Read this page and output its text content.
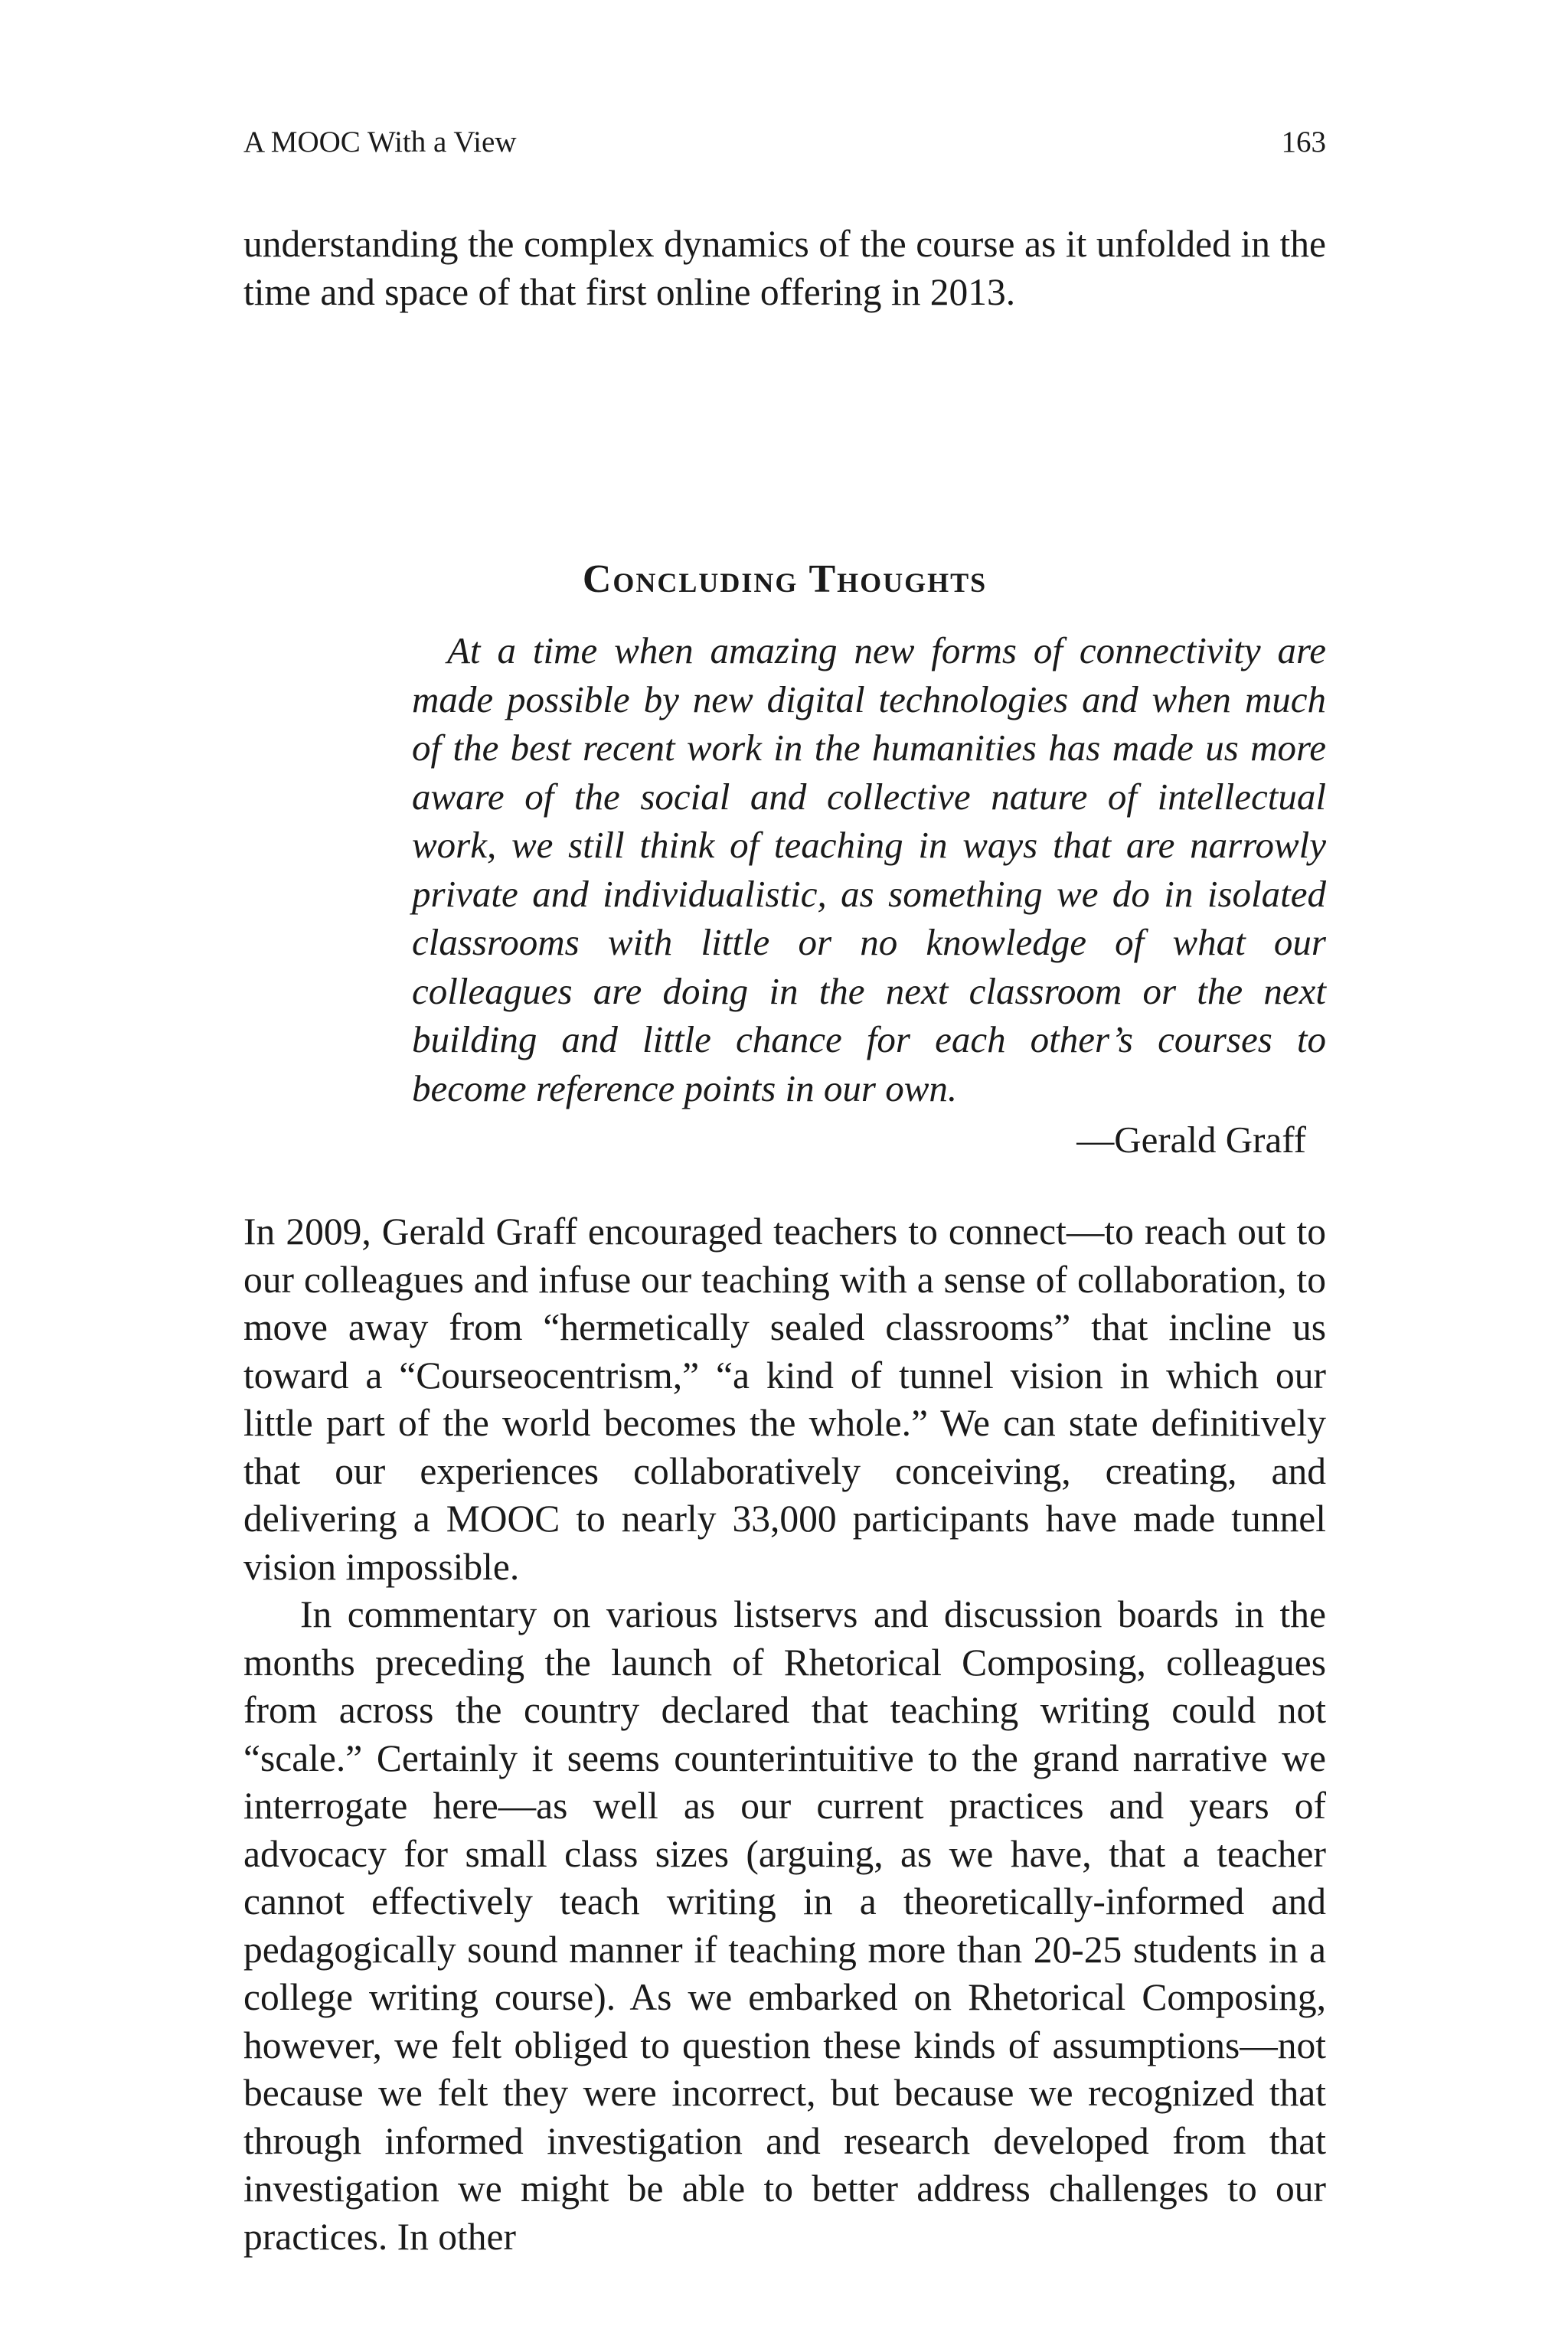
A MOOC With a View	163

understanding the complex dynamics of the course as it unfolded in the time and space of that first online offering in 2013.

Concluding Thoughts

At a time when amazing new forms of connectivity are made possible by new digital technologies and when much of the best recent work in the humanities has made us more aware of the social and collective nature of intellectual work, we still think of teaching in ways that are narrowly private and individualistic, as something we do in isolated classrooms with little or no knowledge of what our colleagues are doing in the next classroom or the next building and little chance for each other’s courses to become reference points in our own.

—Gerald Graff

In 2009, Gerald Graff encouraged teachers to connect—to reach out to our colleagues and infuse our teaching with a sense of collaboration, to move away from “hermetically sealed classrooms” that incline us toward a “Courseocentrism,” “a kind of tunnel vision in which our little part of the world becomes the whole.” We can state definitively that our experiences collaboratively conceiving, creating, and delivering a MOOC to nearly 33,000 participants have made tunnel vision impossible.

In commentary on various listservs and discussion boards in the months preceding the launch of Rhetorical Composing, colleagues from across the country declared that teaching writing could not “scale.” Certainly it seems counterintuitive to the grand narrative we interrogate here—as well as our current practices and years of advocacy for small class sizes (arguing, as we have, that a teacher cannot effectively teach writing in a theoretically-informed and pedagogically sound manner if teaching more than 20-25 students in a college writing course). As we embarked on Rhetorical Composing, however, we felt obliged to question these kinds of assumptions—not because we felt they were incorrect, but because we recognized that through informed investigation and research developed from that investigation we might be able to better address challenges to our practices. In other
